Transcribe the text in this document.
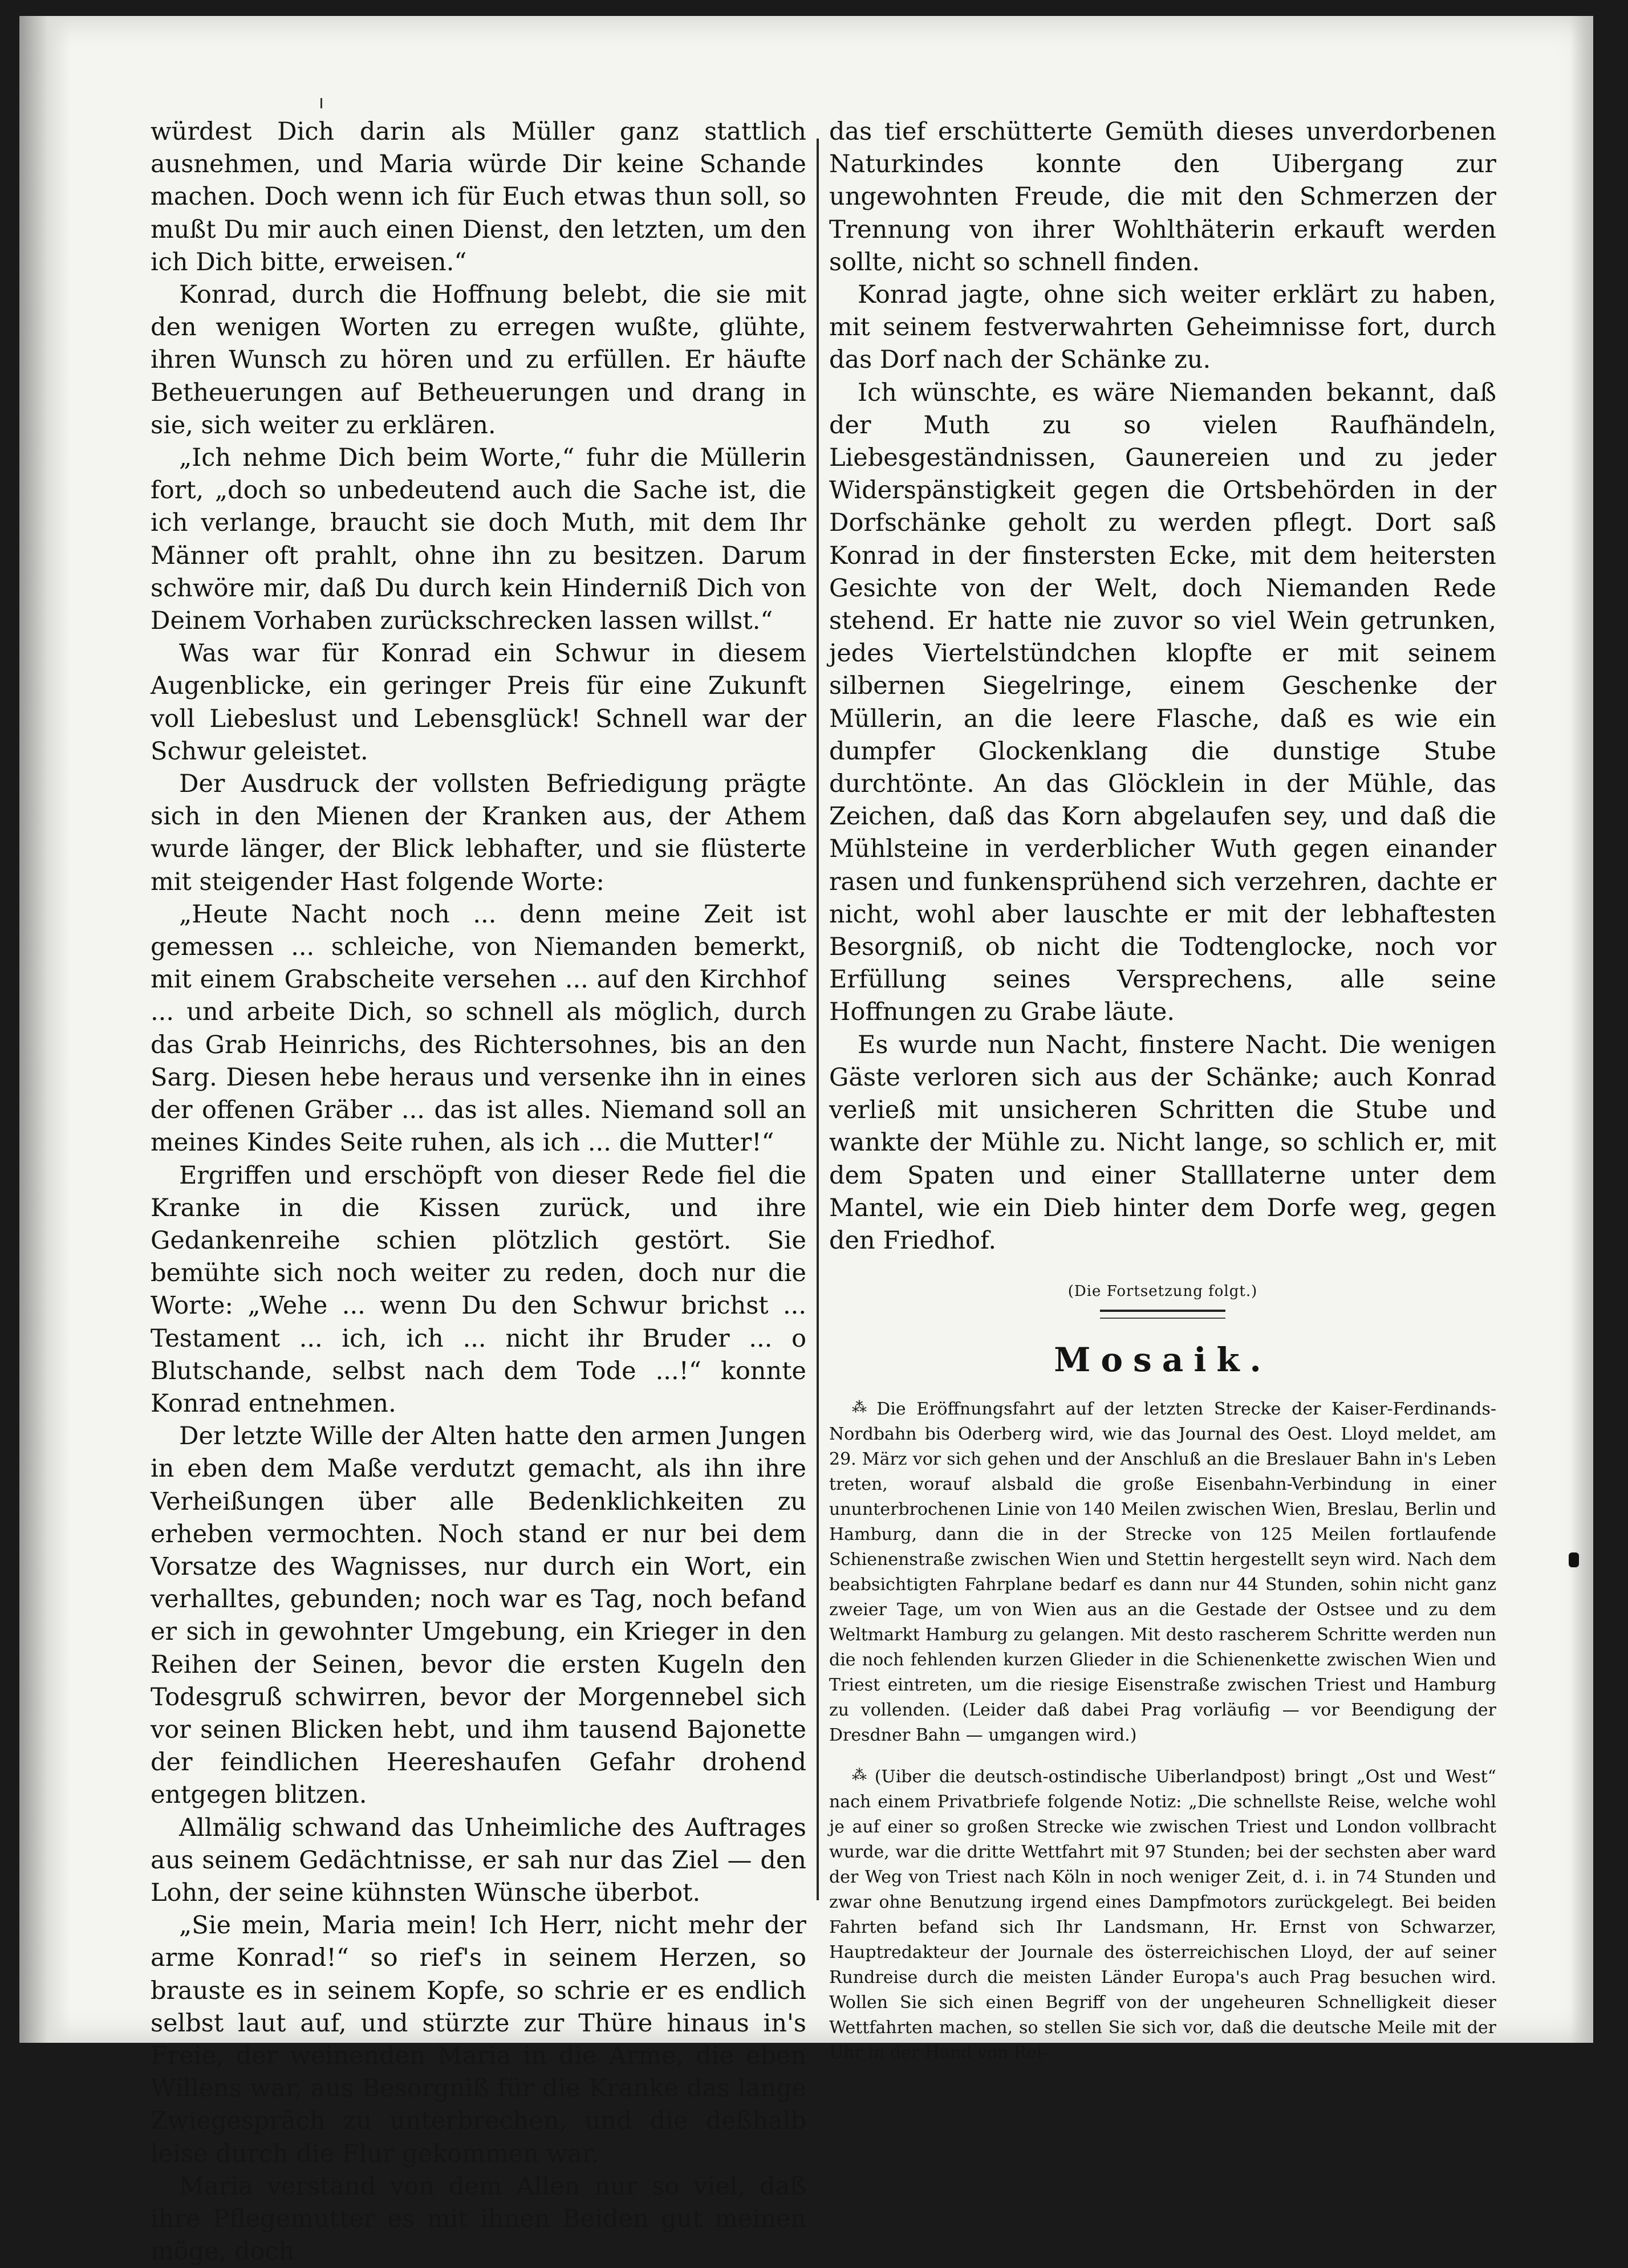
würdest Dich darin als Müller ganz stattlich ausnehmen, und Maria würde Dir keine Schande machen. Doch wenn ich für Euch etwas thun soll, so mußt Du mir auch einen Dienst, den letzten, um den ich Dich bitte, erweisen.“

Konrad, durch die Hoffnung belebt, die sie mit den wenigen Worten zu erregen wußte, glühte, ihren Wunsch zu hören und zu erfüllen. Er häufte Betheuerungen auf Betheuerungen und drang in sie, sich weiter zu erklären.

„Ich nehme Dich beim Worte,“ fuhr die Müllerin fort, „doch so unbedeutend auch die Sache ist, die ich verlange, braucht sie doch Muth, mit dem Ihr Männer oft prahlt, ohne ihn zu besitzen. Darum schwöre mir, daß Du durch kein Hinderniß Dich von Deinem Vorhaben zurückschrecken lassen willst.“

Was war für Konrad ein Schwur in diesem Augenblicke, ein geringer Preis für eine Zukunft voll Liebeslust und Lebensglück! Schnell war der Schwur geleistet.

Der Ausdruck der vollsten Befriedigung prägte sich in den Mienen der Kranken aus, der Athem wurde länger, der Blick lebhafter, und sie flüsterte mit steigender Hast folgende Worte:

„Heute Nacht noch ... denn meine Zeit ist gemessen ... schleiche, von Niemanden bemerkt, mit einem Grabscheite versehen ... auf den Kirchhof ... und arbeite Dich, so schnell als möglich, durch das Grab Heinrichs, des Richtersohnes, bis an den Sarg. Diesen hebe heraus und versenke ihn in eines der offenen Gräber ... das ist alles. Niemand soll an meines Kindes Seite ruhen, als ich ... die Mutter!“

Ergriffen und erschöpft von dieser Rede fiel die Kranke in die Kissen zurück, und ihre Gedankenreihe schien plötzlich gestört. Sie bemühte sich noch weiter zu reden, doch nur die Worte: „Wehe ... wenn Du den Schwur brichst ... Testament ... ich, ich ... nicht ihr Bruder ... o Blutschande, selbst nach dem Tode ...!“ konnte Konrad entnehmen.

Der letzte Wille der Alten hatte den armen Jungen in eben dem Maße verdutzt gemacht, als ihn ihre Verheißungen über alle Bedenklichkeiten zu erheben vermochten. Noch stand er nur bei dem Vorsatze des Wagnisses, nur durch ein Wort, ein verhalltes, gebunden; noch war es Tag, noch befand er sich in gewohnter Umgebung, ein Krieger in den Reihen der Seinen, bevor die ersten Kugeln den Todesgruß schwirren, bevor der Morgennebel sich vor seinen Blicken hebt, und ihm tausend Bajonette der feindlichen Heereshaufen Gefahr drohend entgegen blitzen.

Allmälig schwand das Unheimliche des Auftrages aus seinem Gedächtnisse, er sah nur das Ziel — den Lohn, der seine kühnsten Wünsche überbot.

„Sie mein, Maria mein! Ich Herr, nicht mehr der arme Konrad!“ so rief's in seinem Herzen, so brauste es in seinem Kopfe, so schrie er es endlich selbst laut auf, und stürzte zur Thüre hinaus in's Freie, der weinenden Maria in die Arme, die eben Willens war, aus Besorgniß für die Kranke das lange Zwiegespräch zu unterbrechen, und die deßhalb leise durch die Flur gekommen war.

Maria verstand von dem Allen nur so viel, daß ihre Pflegemutter es mit ihnen Beiden gut meinen möge, doch

das tief erschütterte Gemüth dieses unverdorbenen Naturkindes konnte den Uibergang zur ungewohnten Freude, die mit den Schmerzen der Trennung von ihrer Wohlthäterin erkauft werden sollte, nicht so schnell finden.

Konrad jagte, ohne sich weiter erklärt zu haben, mit seinem festverwahrten Geheimnisse fort, durch das Dorf nach der Schänke zu.

Ich wünschte, es wäre Niemanden bekannt, daß der Muth zu so vielen Raufhändeln, Liebesgeständnissen, Gaunereien und zu jeder Widerspänstigkeit gegen die Ortsbehörden in der Dorfschänke geholt zu werden pflegt. Dort saß Konrad in der finstersten Ecke, mit dem heitersten Gesichte von der Welt, doch Niemanden Rede stehend. Er hatte nie zuvor so viel Wein getrunken, jedes Viertelstündchen klopfte er mit seinem silbernen Siegelringe, einem Geschenke der Müllerin, an die leere Flasche, daß es wie ein dumpfer Glockenklang die dunstige Stube durchtönte. An das Glöcklein in der Mühle, das Zeichen, daß das Korn abgelaufen sey, und daß die Mühlsteine in verderblicher Wuth gegen einander rasen und funkensprühend sich verzehren, dachte er nicht, wohl aber lauschte er mit der lebhaftesten Besorgniß, ob nicht die Todtenglocke, noch vor Erfüllung seines Versprechens, alle seine Hoffnungen zu Grabe läute.

Es wurde nun Nacht, finstere Nacht. Die wenigen Gäste verloren sich aus der Schänke; auch Konrad verließ mit unsicheren Schritten die Stube und wankte der Mühle zu. Nicht lange, so schlich er, mit dem Spaten und einer Stalllaterne unter dem Mantel, wie ein Dieb hinter dem Dorfe weg, gegen den Friedhof.

(Die Fortsetzung folgt.)
Mosaik.

⁂ Die Eröffnungsfahrt auf der letzten Strecke der Kaiser-Ferdinands-Nordbahn bis Oderberg wird, wie das Journal des Oest. Lloyd meldet, am 29. März vor sich gehen und der Anschluß an die Breslauer Bahn in's Leben treten, worauf alsbald die große Eisenbahn-Verbindung in einer ununterbrochenen Linie von 140 Meilen zwischen Wien, Breslau, Berlin und Hamburg, dann die in der Strecke von 125 Meilen fortlaufende Schienenstraße zwischen Wien und Stettin hergestellt seyn wird. Nach dem beabsichtigten Fahrplane bedarf es dann nur 44 Stunden, sohin nicht ganz zweier Tage, um von Wien aus an die Gestade der Ostsee und zu dem Weltmarkt Hamburg zu gelangen. Mit desto rascherem Schritte werden nun die noch fehlenden kurzen Glieder in die Schienenkette zwischen Wien und Triest eintreten, um die riesige Eisenstraße zwischen Triest und Hamburg zu vollenden. (Leider daß dabei Prag vorläufig — vor Beendigung der Dresdner Bahn — umgangen wird.)

⁂ (Uiber die deutsch-ostindische Uiberlandpost) bringt „Ost und West“ nach einem Privatbriefe folgende Notiz: „Die schnellste Reise, welche wohl je auf einer so großen Strecke wie zwischen Triest und London vollbracht wurde, war die dritte Wettfahrt mit 97 Stunden; bei der sechsten aber ward der Weg von Triest nach Köln in noch weniger Zeit, d. i. in 74 Stunden und zwar ohne Benutzung irgend eines Dampfmotors zurückgelegt. Bei beiden Fahrten befand sich Ihr Landsmann, Hr. Ernst von Schwarzer, Hauptredakteur der Journale des österreichischen Lloyd, der auf seiner Rundreise durch die meisten Länder Europa's auch Prag besuchen wird. Wollen Sie sich einen Begriff von der ungeheuren Schnelligkeit dieser Wettfahrten machen, so stellen Sie sich vor, daß die deutsche Meile mit der Uhr in der Hand von Rei-
